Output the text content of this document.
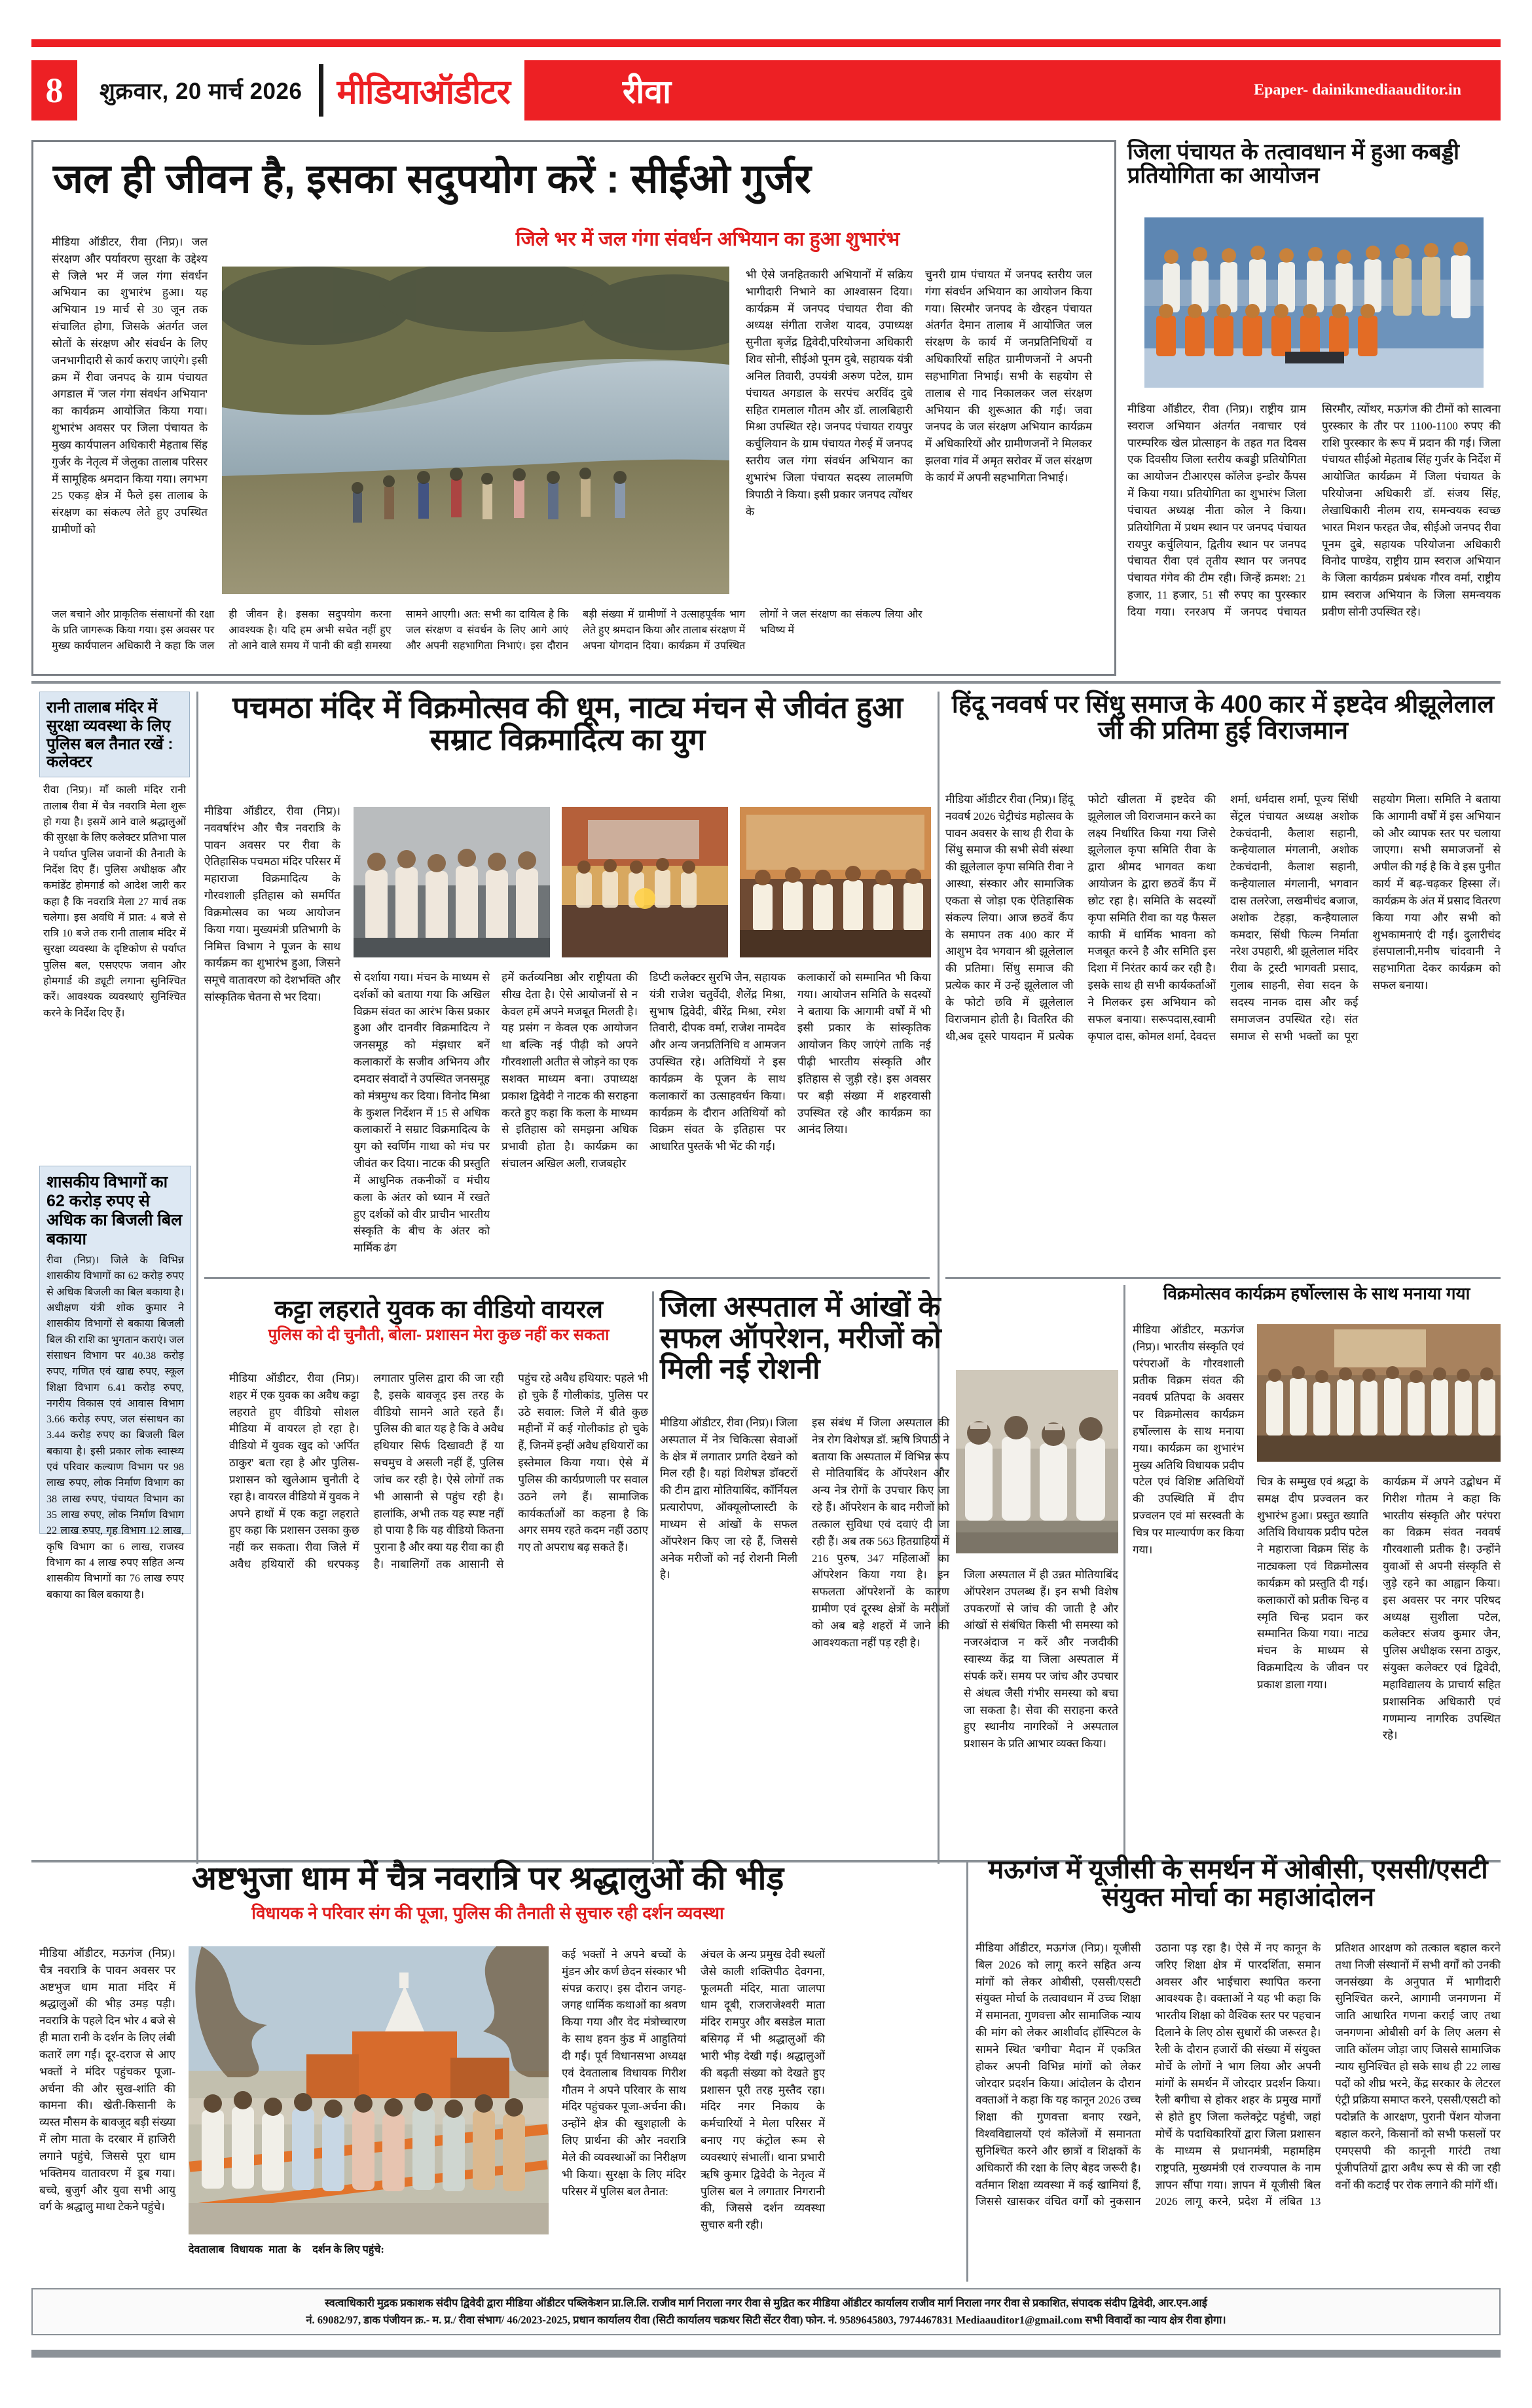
8	शुक्रवार, 20 मार्च 2026	मीडियाऑडीटर	रीवा	Epaper- dainikmediaauditor.in
जल ही जीवन है, इसका सदुपयोग करें : सीईओ गुर्जर
जिले भर में जल गंगा संवर्धन अभियान का हुआ शुभारंभ
मीडिया ऑडीटर, रीवा (निप्र)। जल संरक्षण और पर्यावरण सुरक्षा के उद्देश्य से जिले भर में जल गंगा संवर्धन अभियान का शुभारंभ हुआ। यह अभियान 19 मार्च से 30 जून तक संचालित होगा, जिसके अंतर्गत जल स्रोतों के संरक्षण और संवर्धन के लिए जनभागीदारी से कार्य कराए जाएंगे। इसी क्रम में रीवा जनपद के ग्राम पंचायत अगडाल में 'जल गंगा संवर्धन अभियान' का कार्यक्रम आयोजित किया गया। शुभारंभ अवसर पर जिला पंचायत के मुख्य कार्यपालन अधिकारी मेहताब सिंह गुर्जर के नेतृत्व में जेलुका तालाब परिसर में सामूहिक श्रमदान किया गया। लगभग 25 एकड़ क्षेत्र में फैले इस तालाब के संरक्षण का संकल्प लेते हुए उपस्थित ग्रामीणों को
भी ऐसे जनहितकारी अभियानों में सक्रिय भागीदारी निभाने का आश्वासन दिया। कार्यक्रम में जनपद पंचायत रीवा की अध्यक्ष संगीता राजेश यादव, उपाध्यक्ष सुनीता बृजेंद्र द्विवेदी,परियोजना अधिकारी शिव सोनी, सीईओ पूनम दुबे, सहायक यंत्री अनिल तिवारी, उपयंत्री अरुण पटेल, ग्राम पंचायत अगडाल के सरपंच अरविंद दुबे सहित रामलाल गौतम और डॉ. लालबिहारी मिश्रा उपस्थित रहे। जनपद पंचायत रायपुर कर्चुलियान के ग्राम पंचायत गेरुई में जनपद स्तरीय जल गंगा संवर्धन अभियान का शुभारंभ जिला पंचायत सदस्य लालमणि त्रिपाठी ने किया। इसी प्रकार जनपद त्योंथर के
चुनरी ग्राम पंचायत में जनपद स्तरीय जल गंगा संवर्धन अभियान का आयोजन किया गया। सिरमौर जनपद के खैरहन पंचायत अंतर्गत देमान तालाब में आयोजित जल संरक्षण के कार्य में जनप्रतिनिधियों व अधिकारियों सहित ग्रामीणजनों ने अपनी सहभागिता निभाई। सभी के सहयोग से तालाब से गाद निकालकर जल संरक्षण अभियान की शुरूआत की गई। जवा जनपद के जल संरक्षण अभियान कार्यक्रम में अधिकारियों और ग्रामीणजनों ने मिलकर झलवा गांव में अमृत सरोवर में जल संरक्षण के कार्य में अपनी सहभागिता निभाई।
जल बचाने और प्राकृतिक संसाधनों की रक्षा के प्रति जागरूक किया गया। इस अवसर पर मुख्य कार्यपालन अधिकारी ने कहा कि जल ही जीवन है। इसका सदुपयोग करना आवश्यक है। यदि हम अभी सचेत नहीं हुए तो आने वाले समय में पानी की बड़ी समस्या सामने आएगी। अत: सभी का दायित्व है कि जल संरक्षण व संवर्धन के लिए आगे आएं और अपनी सहभागिता निभाएं। इस दौरान बड़ी संख्या में ग्रामीणों ने उत्साहपूर्वक भाग लेते हुए श्रमदान किया और तालाब संरक्षण में अपना योगदान दिया। कार्यक्रम में उपस्थित लोगों ने जल संरक्षण का संकल्प लिया और भविष्य में
जिला पंचायत के तत्वावधान में हुआ कबड्डी प्रतियोगिता का आयोजन
मीडिया ऑडीटर, रीवा (निप्र)। राष्ट्रीय ग्राम स्वराज अभियान अंतर्गत नवाचार एवं पारम्परिक खेल प्रोत्साहन के तहत गत दिवस एक दिवसीय जिला स्तरीय कबड्डी प्रतियोगिता का आयोजन टीआरएस कॉलेज इन्डोर कैंपस में किया गया। प्रतियोगिता का शुभारंभ जिला पंचायत अध्यक्ष नीता कोल ने किया। प्रतियोगिता में प्रथम स्थान पर जनपद पंचायत रायपुर कर्चुलियान, द्वितीय स्थान पर जनपद पंचायत रीवा एवं तृतीय स्थान पर जनपद पंचायत गंगेव की टीम रही। जिन्हें क्रमश: 21 हजार, 11 हजार, 51 सौ रुपए का पुरस्कार दिया गया। रनरअप में जनपद पंचायत सिरमौर, त्योंथर, मऊगंज की टीमों को सात्वना पुरस्कार के तौर पर 1100-1100 रुपए की राशि पुरस्कार के रूप में प्रदान की गई। जिला पंचायत सीईओ मेहताब सिंह गुर्जर के निर्देश में आयोजित कार्यक्रम में जिला पंचायत के परियोजना अधिकारी डॉ. संजय सिंह, लेखाधिकारी नीलम राय, समन्वयक स्वच्छ भारत मिशन फरहत जैब, सीईओ जनपद रीवा पूनम दुबे, सहायक परियोजना अधिकारी विनोद पाण्डेय, राष्ट्रीय ग्राम स्वराज अभियान के जिला कार्यक्रम प्रबंधक गौरव वर्मा, राष्ट्रीय ग्राम स्वराज अभियान के जिला समन्वयक प्रवीण सोनी उपस्थित रहे।
रानी तालाब मंदिर में सुरक्षा व्यवस्था के लिए पुलिस बल तैनात रखें : कलेक्टर
रीवा (निप्र)। माँ काली मंदिर रानी तालाब रीवा में चैत्र नवरात्रि मेला शुरू हो गया है। इसमें आने वाले श्रद्धालुओं की सुरक्षा के लिए कलेक्टर प्रतिभा पाल ने पर्याप्त पुलिस जवानों की तैनाती के निर्देश दिए हैं। पुलिस अधीक्षक और कमांडेंट होमगार्ड को आदेश जारी कर कहा है कि नवरात्रि मेला 27 मार्च तक चलेगा। इस अवधि में प्रात: 4 बजे से रात्रि 10 बजे तक रानी तालाब मंदिर में सुरक्षा व्यवस्था के दृष्टिकोण से पर्याप्त पुलिस बल, एसएएफ जवान और होमगार्ड की ड्यूटी लगाना सुनिश्चित करें। आवश्यक व्यवस्थाएं सुनिश्चित करने के निर्देश दिए हैं।
शासकीय विभागों का 62 करोड़ रुपए से अधिक का बिजली बिल बकाया
रीवा (निप्र)। जिले के विभिन्न शासकीय विभागों का 62 करोड़ रुपए से अधिक बिजली का बिल बकाया है। अधीक्षण यंत्री शोक कुमार ने शासकीय विभागों से बकाया बिजली बिल की राशि का भुगतान कराएं। जल संसाधन विभाग पर 40.38 करोड़ रुपए, गणित एवं खाद्य रुपए, स्कूल शिक्षा विभाग 6.41 करोड़ रुपए, नगरीय विकास एवं आवास विभाग 3.66 करोड़ रुपए, जल संसाधन का 3.44 करोड़ रुपए का बिजली बिल बकाया है। इसी प्रकार लोक स्वास्थ्य एवं परिवार कल्याण विभाग पर 98 लाख रुपए, लोक निर्माण विभाग का 38 लाख रुपए, पंचायत विभाग का 35 लाख रुपए, लोक निर्माण विभाग 22 लाख रुपए, गृह विभाग 12 लाख, कृषि विभाग का 6 लाख, राजस्व विभाग का 4 लाख रुपए सहित अन्य शासकीय विभागों का 76 लाख रुपए बकाया का बिल बकाया है।
पचमठा मंदिर में विक्रमोत्सव की धूम, नाट्य मंचन से जीवंत हुआ सम्राट विक्रमादित्य का युग
मीडिया ऑडीटर, रीवा (निप्र)। नववर्षारंभ और चैत्र नवरात्रि के पावन अवसर पर रीवा के ऐतिहासिक पचमठा मंदिर परिसर में महाराजा विक्रमादित्य के गौरवशाली इतिहास को समर्पित विक्रमोत्सव का भव्य आयोजन किया गया। मुख्यमंत्री प्रतिभागी के निमित्त विभाग ने पूजन के साथ कार्यक्रम का शुभारंभ हुआ, जिसने समूचे वातावरण को देशभक्ति और सांस्कृतिक चेतना से भर दिया।
से दर्शाया गया। मंचन के माध्यम से दर्शकों को बताया गया कि अखिल विक्रम संवत का आरंभ किस प्रकार हुआ और दानवीर विक्रमादित्य ने जनसमूह को मंझधार बनें कलाकारों के सजीव अभिनय और दमदार संवादों ने उपस्थित जनसमूह को मंत्रमुग्ध कर दिया। विनोद मिश्रा के कुशल निर्देशन में 15 से अधिक कलाकारों ने सम्राट विक्रमादित्य के युग को स्वर्णिम गाथा को मंच पर जीवंत कर दिया। नाटक की प्रस्तुति में आधुनिक तकनीकों व मंचीय कला के अंतर को ध्यान में रखते हुए दर्शकों को वीर प्राचीन भारतीय संस्कृति के बीच के अंतर को मार्मिक ढंग
हमें कर्तव्यनिष्ठा और राष्ट्रीयता की सीख देता है। ऐसे आयोजनों से न केवल हमें अपने मजबूत मिलती है। यह प्रसंग न केवल एक आयोजन था बल्कि नई पीढ़ी को अपने गौरवशाली अतीत से जोड़ने का एक सशक्त माध्यम बना। उपाध्यक्ष प्रकाश द्विवेदी ने नाटक की सराहना करते हुए कहा कि कला के माध्यम से इतिहास को समझना अधिक प्रभावी होता है। कार्यक्रम का संचालन अखिल अली, राजबहोर
डिप्टी कलेक्टर सुरभि जैन, सहायक यंत्री राजेश चतुर्वेदी, शैलेंद्र मिश्रा, सुभाष द्विवेदी, बीरेंद्र मिश्रा, रमेश तिवारी, दीपक वर्मा, राजेश नामदेव और अन्य जनप्रतिनिधि व आमजन उपस्थित रहे। अतिथियों ने इस कार्यक्रम के पूजन के साथ कलाकारों का उत्साहवर्धन किया। कार्यक्रम के दौरान अतिथियों को विक्रम संवत के इतिहास पर आधारित पुस्तकें भी भेंट की गईं।
कलाकारों को सम्मानित भी किया गया। आयोजन समिति के सदस्यों ने बताया कि आगामी वर्षों में भी इसी प्रकार के सांस्कृतिक आयोजन किए जाएंगे ताकि नई पीढ़ी भारतीय संस्कृति और इतिहास से जुड़ी रहे। इस अवसर पर बड़ी संख्या में शहरवासी उपस्थित रहे और कार्यक्रम का आनंद लिया।
हिंदू नववर्ष पर सिंधु समाज के 400 कार में इष्टदेव श्रीझूलेलाल जी की प्रतिमा हुई विराजमान
मीडिया ऑडीटर रीवा (निप्र)। हिंदू नववर्ष 2026 चेट्रीचंड महोत्सव के पावन अवसर के साथ ही रीवा के सिंधु समाज की सभी सेवी संस्था की झूलेलाल कृपा समिति रीवा ने आस्था, संस्कार और सामाजिक एकता से जोड़ा एक ऐतिहासिक संकल्प लिया। आज छठवें कैंप के समापन तक 400 कार में आशुभ देव भगवान श्री झूलेलाल की प्रतिमा। सिंधु समाज की प्रत्येक कार में उन्हें झूलेलाल जी के फोटो छवि में झूलेलाल विराजमान होती है। वितरित की थी,अब दूसरे पायदान में प्रत्येक फोटो खीलता में इष्टदेव की झूलेलाल जी विराजमान करने का लक्ष्य निर्धारित किया गया जिसे झूलेलाल कृपा समिति रीवा के द्वारा श्रीमद भागवत कथा आयोजन के द्वारा छठवें कैंप में छोट रहा है। समिति के सदस्यों कृपा समिति रीवा का यह फैसल काफी में धार्मिक भावना को मजबूत करने है और समिति इस दिशा में निरंतर कार्य कर रही है। इसके साथ ही सभी कार्यकर्ताओं ने मिलकर इस अभियान को सफल बनाया। सरूपदास,स्वामी कृपाल दास, कोमल शर्मा, देवदत्त शर्मा, धर्मदास शर्मा, पूज्य सिंधी सेंट्रल पंचायत अध्यक्ष अशोक टेकचंदानी, कैलाश सहानी, कन्हैयालाल मंगलानी, अशोक टेकचंदानी, कैलाश सहानी, कन्हैयालाल मंगलानी, भगवान दास तलरेजा, लखमीचंद बजाज, अशोक टेहड़ा, कन्हैयालाल कमदार, सिंधी फिल्म निर्माता नरेश उपहारी, श्री झूलेलाल मंदिर रीवा के ट्रस्टी भागवती प्रसाद, गुलाब साहनी, सेवा सदन के सदस्य नानक दास और कई समाजजन उपस्थित रहे। संत समाज से सभी भक्तों का पूरा सहयोग मिला। समिति ने बताया कि आगामी वर्षों में इस अभियान को और व्यापक स्तर पर चलाया जाएगा। सभी समाजजनों से अपील की गई है कि वे इस पुनीत कार्य में बढ़-चढ़कर हिस्सा लें। कार्यक्रम के अंत में प्रसाद वितरण किया गया और सभी को शुभकामनाएं दी गईं। दुलारीचंद हंसपालानी,मनीष चांदवानी ने सहभागिता देकर कार्यक्रम को सफल बनाया।
कट्टा लहराते युवक का वीडियो वायरल
पुलिस को दी चुनौती, बोला- प्रशासन मेरा कुछ नहीं कर सकता
मीडिया ऑडीटर, रीवा (निप्र)। शहर में एक युवक का अवैध कट्टा लहराते हुए वीडियो सोशल मीडिया में वायरल हो रहा है। वीडियो में युवक खुद को 'अर्पित ठाकुर' बता रहा है और पुलिस-प्रशासन को खुलेआम चुनौती दे रहा है। वायरल वीडियो में युवक ने अपने हाथों में एक कट्टा लहराते हुए कहा कि प्रशासन उसका कुछ नहीं कर सकता। रीवा जिले में अवैध हथियारों की धरपकड़ लगातार पुलिस द्वारा की जा रही है, इसके बावजूद इस तरह के वीडियो सामने आते रहते हैं। पुलिस की बात यह है कि वे अवैध हथियार सिर्फ दिखावटी हैं या सचमुच वे असली नहीं हैं, पुलिस जांच कर रही है। ऐसे लोगों तक भी आसानी से पहुंच रही है। हालांकि, अभी तक यह स्पष्ट नहीं हो पाया है कि यह वीडियो कितना पुराना है और क्या यह रीवा का ही है। नाबालिगों तक आसानी से पहुंच रहे अवैध हथियार: पहले भी हो चुके हैं गोलीकांड, पुलिस पर उठे सवाल: जिले में बीते कुछ महीनों में कई गोलीकांड हो चुके हैं, जिनमें इन्हीं अवैध हथियारों का इस्तेमाल किया गया। ऐसे में पुलिस की कार्यप्रणाली पर सवाल उठने लगे हैं। सामाजिक कार्यकर्ताओं का कहना है कि अगर समय रहते कदम नहीं उठाए गए तो अपराध बढ़ सकते हैं।
जिला अस्पताल में आंखों के सफल ऑपरेशन, मरीजों को मिली नई रोशनी
मीडिया ऑडीटर, रीवा (निप्र)। जिला अस्पताल में नेत्र चिकित्सा सेवाओं के क्षेत्र में लगातार प्रगति देखने को मिल रही है। यहां विशेषज्ञ डॉक्टरों की टीम द्वारा मोतियाबिंद, कॉर्नियल प्रत्यारोपण, ऑक्यूलोप्लास्टी के माध्यम से आंखों के सफल ऑपरेशन किए जा रहे हैं, जिससे अनेक मरीजों को नई रोशनी मिली है।
इस संबंध में जिला अस्पताल की नेत्र रोग विशेषज्ञ डॉ. ऋषि त्रिपाठी ने बताया कि अस्पताल में विभिन्न रूप से मोतियाबिंद के ऑपरेशन और अन्य नेत्र रोगों के उपचार किए जा रहे हैं। ऑपरेशन के बाद मरीजों को तत्काल सुविधा एवं दवाएं दी जा रही हैं। अब तक 563 हितग्राहियों में 216 पुरुष, 347 महिलाओं का ऑपरेशन किया गया है। इन सफलता ऑपरेशनों के कारण ग्रामीण एवं दूरस्थ क्षेत्रों के मरीजों को अब बड़े शहरों में जाने की आवश्यकता नहीं पड़ रही है।
जिला अस्पताल में ही उन्नत मोतियाबिंद ऑपरेशन उपलब्ध हैं। इन सभी विशेष उपकरणों से जांच की जाती है और आंखों से संबंधित किसी भी समस्या को नजरअंदाज न करें और नजदीकी स्वास्थ्य केंद्र या जिला अस्पताल में संपर्क करें। समय पर जांच और उपचार से अंधत्व जैसी गंभीर समस्या को बचा जा सकता है। सेवा की सराहना करते हुए स्थानीय नागरिकों ने अस्पताल प्रशासन के प्रति आभार व्यक्त किया।
विक्रमोत्सव कार्यक्रम हर्षोल्लास के साथ मनाया गया
मीडिया ऑडीटर, मऊगंज (निप्र)। भारतीय संस्कृति एवं परंपराओं के गौरवशाली प्रतीक विक्रम संवत की नववर्ष प्रतिपदा के अवसर पर विक्रमोत्सव कार्यक्रम हर्षोल्लास के साथ मनाया गया। कार्यक्रम का शुभारंभ मुख्य अतिथि विधायक प्रदीप पटेल एवं विशिष्ट अतिथियों की उपस्थिति में दीप प्रज्वलन एवं मां सरस्वती के चित्र पर माल्यार्पण कर किया गया।
चित्र के सम्मुख एवं श्रद्धा के समक्ष दीप प्रज्वलन कर शुभारंभ हुआ। प्रस्तुत ख्याति अतिथि विधायक प्रदीप पटेल ने महाराजा विक्रम सिंह के नाट्यकला एवं विक्रमोत्सव कार्यक्रम को प्रस्तुति दी गई। कलाकारों को प्रतीक चिन्ह व स्मृति चिन्ह प्रदान कर सम्मानित किया गया। नाट्य मंचन के माध्यम से विक्रमादित्य के जीवन पर प्रकाश डाला गया।
कार्यक्रम में अपने उद्बोधन में गिरीश गौतम ने कहा कि भारतीय संस्कृति और परंपरा का विक्रम संवत नववर्ष गौरवशाली प्रतीक है। उन्होंने युवाओं से अपनी संस्कृति से जुड़े रहने का आह्वान किया। इस अवसर पर नगर परिषद अध्यक्ष सुशीला पटेल, कलेक्टर संजय कुमार जैन, पुलिस अधीक्षक रसना ठाकुर, संयुक्त कलेक्टर एवं द्विवेदी, महाविद्यालय के प्राचार्य सहित प्रशासनिक अधिकारी एवं गणमान्य नागरिक उपस्थित रहे।
अष्टभुजा धाम में चैत्र नवरात्रि पर श्रद्धालुओं की भीड़
विधायक ने परिवार संग की पूजा, पुलिस की तैनाती से सुचारु रही दर्शन व्यवस्था
मीडिया ऑडीटर, मऊगंज (निप्र)। चैत्र नवरात्रि के पावन अवसर पर अष्टभुज धाम माता मंदिर में श्रद्धालुओं की भीड़ उमड़ पड़ी। नवरात्रि के पहले दिन भोर 4 बजे से ही माता रानी के दर्शन के लिए लंबी कतारें लग गईं। दूर-दराज से आए भक्तों ने मंदिर पहुंचकर पूजा-अर्चना की और सुख-शांति की कामना की। खेती-किसानी के व्यस्त मौसम के बावजूद बड़ी संख्या में लोग माता के दरबार में हाजिरी लगाने पहुंचे, जिससे पूरा धाम भक्तिमय वातावरण में डूब गया। बच्चे, बुजुर्ग और युवा सभी आयु वर्ग के श्रद्धालु माथा टेकने पहुंचे।
कई भक्तों ने अपने बच्चों के मुंडन और कर्ण छेदन संस्कार भी संपन्न कराए। इस दौरान जगह-जगह धार्मिक कथाओं का श्रवण किया गया और वेद मंत्रोच्चारण के साथ हवन कुंड में आहुतियां दी गईं। पूर्व विधानसभा अध्यक्ष एवं देवतालाब विधायक गिरीश गौतम ने अपने परिवार के साथ मंदिर पहुंचकर पूजा-अर्चना की। उन्होंने क्षेत्र की खुशहाली के लिए प्रार्थना की और नवरात्रि मेले की व्यवस्थाओं का निरीक्षण भी किया। सुरक्षा के लिए मंदिर परिसर में पुलिस बल तैनात:
देवतालाब विधायक माता के दर्शन के लिए पहुंचे:
अंचल के अन्य प्रमुख देवी स्थलों जैसे काली शक्तिपीठ देवगना, फूलमती मंदिर, माता जालपा धाम दूबी, राजराजेश्वरी माता मंदिर रामपुर और बसडेल माता बसिगढ़ में भी श्रद्धालुओं की भारी भीड़ देखी गई। श्रद्धालुओं की बढ़ती संख्या को देखते हुए प्रशासन पूरी तरह मुस्तैद रहा। मंदिर नगर निकाय के कर्मचारियों ने मेला परिसर में बनाए गए कंट्रोल रूम से व्यवस्थाएं संभालीं। थाना प्रभारी ऋषि कुमार द्विवेदी के नेतृत्व में पुलिस बल ने लगातार निगरानी की, जिससे दर्शन व्यवस्था सुचारु बनी रही।
मऊगंज में यूजीसी के समर्थन में ओबीसी, एससी/एसटी संयुक्त मोर्चा का महाआंदोलन
मीडिया ऑडीटर, मऊगंज (निप्र)। यूजीसी बिल 2026 को लागू करने सहित अन्य मांगों को लेकर ओबीसी, एससी/एसटी संयुक्त मोर्चा के तत्वावधान में उच्च शिक्षा में समानता, गुणवत्ता और सामाजिक न्याय की मांग को लेकर आशीर्वाद हॉस्पिटल के सामने स्थित 'बगीचा' मैदान में एकत्रित होकर अपनी विभिन्न मांगों को लेकर जोरदार प्रदर्शन किया। आंदोलन के दौरान वक्ताओं ने कहा कि यह कानून 2026 उच्च शिक्षा की गुणवत्ता बनाए रखने, विश्वविद्यालयों एवं कॉलेजों में समानता सुनिश्चित करने और छात्रों व शिक्षकों के अधिकारों की रक्षा के लिए बेहद जरूरी है। वर्तमान शिक्षा व्यवस्था में कई खामियां हैं, जिससे खासकर वंचित वर्गों को नुकसान उठाना पड़ रहा है। ऐसे में नए कानून के जरिए शिक्षा क्षेत्र में पारदर्शिता, समान अवसर और भाईचारा स्थापित करना आवश्यक है। वक्ताओं ने यह भी कहा कि भारतीय शिक्षा को वैश्विक स्तर पर पहचान दिलाने के लिए ठोस सुधारों की जरूरत है। रैली के दौरान हजारों की संख्या में संयुक्त मोर्चे के लोगों ने भाग लिया और अपनी मांगों के समर्थन में जोरदार प्रदर्शन किया। रैली बगीचा से होकर शहर के प्रमुख मार्गों से होते हुए जिला कलेक्ट्रेट पहुंची, जहां मोर्चे के पदाधिकारियों द्वारा जिला प्रशासन के माध्यम से प्रधानमंत्री, महामहिम राष्ट्रपति, मुख्यमंत्री एवं राज्यपाल के नाम ज्ञापन सौंपा गया। ज्ञापन में यूजीसी बिल 2026 लागू करने, प्रदेश में लंबित 13 प्रतिशत आरक्षण को तत्काल बहाल करने तथा निजी संस्थानों में सभी वर्गों को उनकी जनसंख्या के अनुपात में भागीदारी सुनिश्चित करने, आगामी जनगणना में जाति आधारित गणना कराई जाए तथा जनगणना ओबीसी वर्ग के लिए अलग से जाति कॉलम जोड़ा जाए जिससे सामाजिक न्याय सुनिश्चित हो सके साथ ही 22 लाख पदों को शीघ्र भरने, केंद्र सरकार के लेटरल एंट्री प्रक्रिया समाप्त करने, एससी/एसटी को पदोन्नति के आरक्षण, पुरानी पेंशन योजना बहाल करने, किसानों को सभी फसलों पर एमएसपी की कानूनी गारंटी तथा पूंजीपतियों द्वारा अवैध रूप से की जा रही वनों की कटाई पर रोक लगाने की मांगें थीं।
स्वत्वाधिकारी मुद्रक प्रकाशक संदीप द्विवेदी द्वारा मीडिया ऑडीटर पब्लिकेशन प्रा.लि.लि. राजीव मार्ग निराला नगर रीवा से मुद्रित कर मीडिया ऑडीटर कार्यालय राजीव मार्ग निराला नगर रीवा से प्रकाशित, संपादक संदीप द्विवेदी, आर.एन.आई
नं. 69082/97, डाक पंजीयन क्र.- म. प्र./ रीवा संभाग/ 46/2023-2025, प्रधान कार्यालय रीवा (सिटी कार्यालय चक्रधर सिटी सेंटर रीवा) फोन. नं. 9589645803, 7974467831 Mediaauditor1@gmail.com सभी विवादों का न्याय क्षेत्र रीवा होगा।
